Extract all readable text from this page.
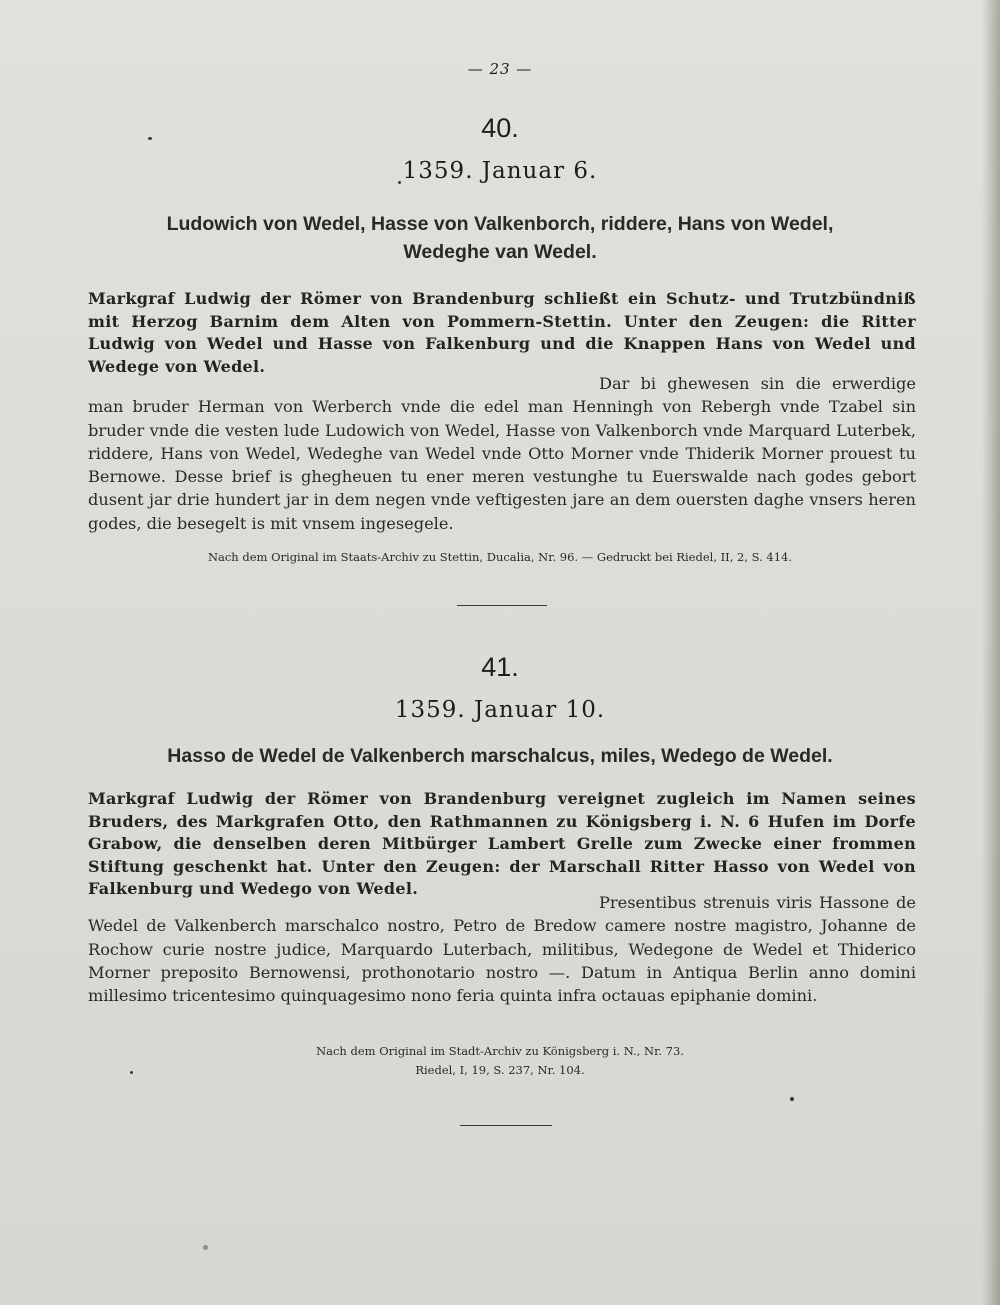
— 23 —
40.
1359. Januar 6.
Ludowich von Wedel, Hasse von Valkenborch, riddere, Hans von Wedel,
Wedeghe van Wedel.

Markgraf Ludwig der Römer von Brandenburg schließt ein Schutz- und Trutzbündniß mit Herzog Barnim dem Alten von Pommern-Stettin. Unter den Zeugen: die Ritter Ludwig von Wedel und Hasse von Falkenburg und die Knappen Hans von Wedel und Wedege von Wedel.

Dar bi ghewesen sin die erwerdige man bruder Herman von Werberch vnde die edel man Henningh von Rebergh vnde Tzabel sin bruder vnde die vesten lude Ludowich von Wedel, Hasse von Valkenborch vnde Marquard Luterbek, riddere, Hans von Wedel, Wedeghe van Wedel vnde Otto Morner vnde Thiderik Morner prouest tu Bernowe. Desse brief is ghegheuen tu ener meren vestunghe tu Euerswalde nach godes gebort dusent jar drie hundert jar in dem negen vnde veftigesten jare an dem ouersten daghe vnsers heren godes, die besegelt is mit vnsem ingesegele.

Nach dem Original im Staats-Archiv zu Stettin, Ducalia, Nr. 96. — Gedruckt bei Riedel, II, 2, S. 414.
41.
1359. Januar 10.
Hasso de Wedel de Valkenberch marschalcus, miles, Wedego de Wedel.

Markgraf Ludwig der Römer von Brandenburg vereignet zugleich im Namen seines Bruders, des Markgrafen Otto, den Rathmannen zu Königsberg i. N. 6 Hufen im Dorfe Grabow, die denselben deren Mitbürger Lambert Grelle zum Zwecke einer frommen Stiftung geschenkt hat. Unter den Zeugen: der Marschall Ritter Hasso von Wedel von Falkenburg und Wedego von Wedel.

Presentibus strenuis viris Hassone de Wedel de Valkenberch marschalco nostro, Petro de Bredow camere nostre magistro, Johanne de Rochow curie nostre judice, Marquardo Luterbach, militibus, Wedegone de Wedel et Thiderico Morner preposito Bernowensi, prothonotario nostro —. Datum in Antiqua Berlin anno domini millesimo tricentesimo quinquagesimo nono feria quinta infra octauas epiphanie domini.

Nach dem Original im Stadt-Archiv zu Königsberg i. N., Nr. 73.
Riedel, I, 19, S. 237, Nr. 104.
